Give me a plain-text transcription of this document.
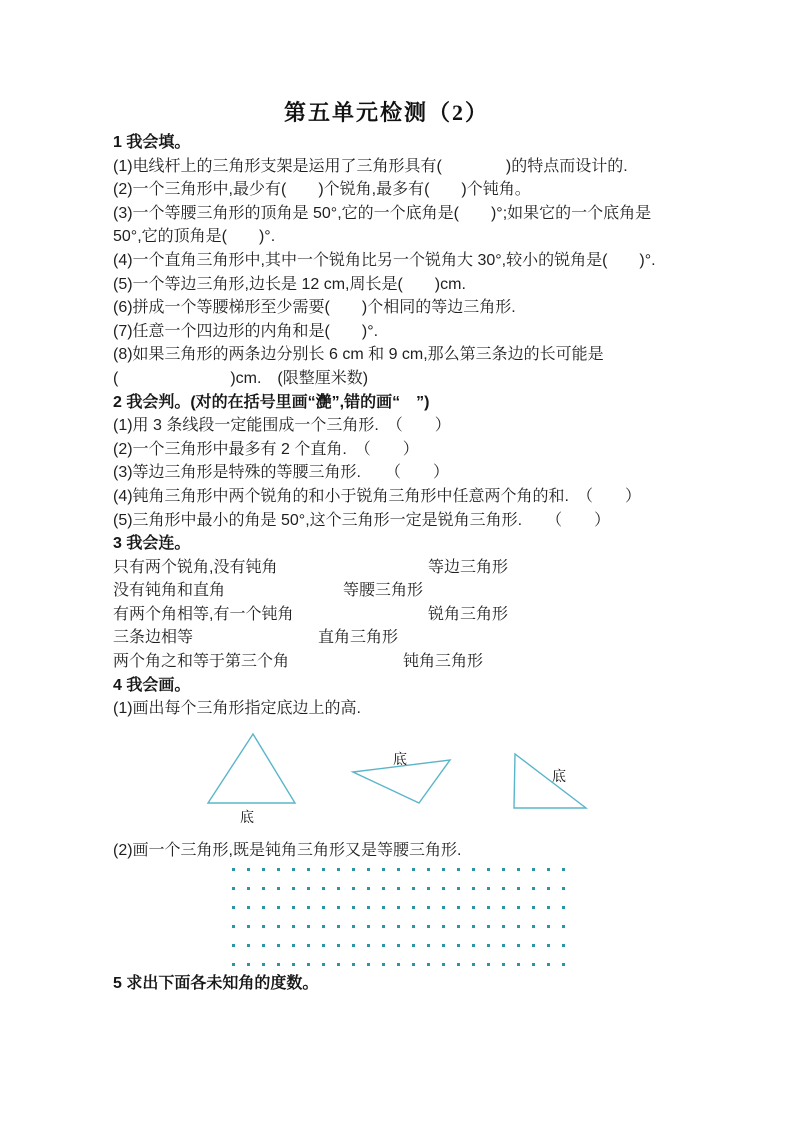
第五单元检测（2）
1 我会填。
(1)电线杆上的三角形支架是运用了三角形具有(　　　　)的特点而设计的.
(2)一个三角形中,最少有(　　)个锐角,最多有(　　)个钝角。
(3)一个等腰三角形的顶角是 50°,它的一个底角是(　　)°;如果它的一个底角是
50°,它的顶角是(　　)°.
(4)一个直角三角形中,其中一个锐角比另一个锐角大 30°,较小的锐角是(　　)°.
(5)一个等边三角形,边长是 12 cm,周长是(　　)cm.
(6)拼成一个等腰梯形至少需要(　　)个相同的等边三角形.
(7)任意一个四边形的内角和是(　　)°.
(8)如果三角形的两条边分别长 6 cm 和 9 cm,那么第三条边的长可能是
(　　　　　　　)cm.　(限整厘米数)
2 我会判。(对的在括号里画“灔”,错的画“　”)
(1)用 3 条线段一定能围成一个三角形.　（　　）
(2)一个三角形中最多有 2 个直角.　（　　）
(3)等边三角形是特殊的等腰三角形.　　（　　）
(4)钝角三角形中两个锐角的和小于锐角三角形中任意两个角的和.　（　　）
(5)三角形中最小的角是 50°,这个三角形一定是锐角三角形.　　（　　）
3 我会连。
只有两个锐角,没有钝角	等边三角形
没有钝角和直角	等腰三角形
有两个角相等,有一个钝角	锐角三角形
三条边相等	直角三角形
两个角之和等于第三个角	钝角三角形
4 我会画。
(1)画出每个三角形指定底边上的高.
底
底
底
(2)画一个三角形,既是钝角三角形又是等腰三角形.
5 求出下面各未知角的度数。
